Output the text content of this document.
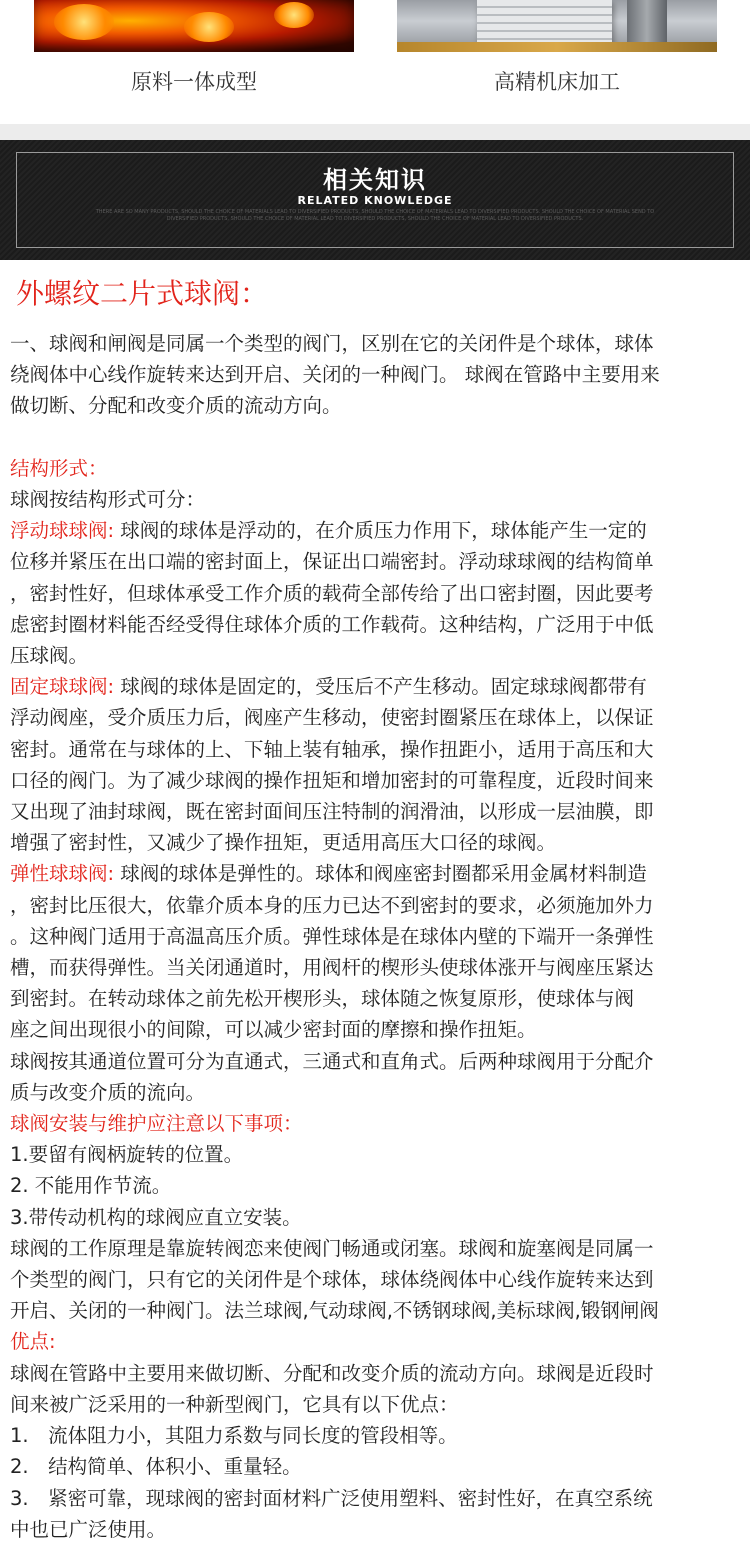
原料一体成型	高精机床加工
相关知识
RELATED KNOWLEDGE
THERE ARE SO MANY PRODUCTS, SHOULD THE CHOICE OF MATERIALS LEAD TO DIVERSIFIED PRODUCTS, SHOULD THE CHOICE OF MATERIALS LEAD TO DIVERSIFIED PRODUCTS. SHOULD THE CHOICE OF MATERIAL SEND TO DIVERSIFIED PRODUCTS, SHOULD THE CHOICE OF MATERIAL LEAD TO DIVERSIFIED PRODUCTS, SHOULD THE CHOICE OF MATERIAL LEAD TO DIVERSIFIED PRODUCTS.
外螺纹二片式球阀：

一、球阀和闸阀是同属一个类型的阀门，区别在它的关闭件是个球体，球体

绕阀体中心线作旋转来达到开启、关闭的一种阀门。 球阀在管路中主要用来

做切断、分配和改变介质的流动方向。

结构形式：

球阀按结构形式可分：

浮动球球阀: 球阀的球体是浮动的，在介质压力作用下，球体能产生一定的

位移并紧压在出口端的密封面上，保证出口端密封。浮动球球阀的结构简单

，密封性好，但球体承受工作介质的载荷全部传给了出口密封圈，因此要考

虑密封圈材料能否经受得住球体介质的工作载荷。这种结构，广泛用于中低

压球阀。

固定球球阀: 球阀的球体是固定的，受压后不产生移动。固定球球阀都带有

浮动阀座，受介质压力后，阀座产生移动，使密封圈紧压在球体上，以保证

密封。通常在与球体的上、下轴上装有轴承，操作扭距小，适用于高压和大

口径的阀门。为了减少球阀的操作扭矩和增加密封的可靠程度，近段时间来

又出现了油封球阀，既在密封面间压注特制的润滑油，以形成一层油膜，即

增强了密封性，又减少了操作扭矩，更适用高压大口径的球阀。

弹性球球阀: 球阀的球体是弹性的。球体和阀座密封圈都采用金属材料制造

，密封比压很大，依靠介质本身的压力已达不到密封的要求，必须施加外力

。这种阀门适用于高温高压介质。弹性球体是在球体内壁的下端开一条弹性

槽，而获得弹性。当关闭通道时，用阀杆的楔形头使球体涨开与阀座压紧达

到密封。在转动球体之前先松开楔形头，球体随之恢复原形，使球体与阀

座之间出现很小的间隙，可以减少密封面的摩擦和操作扭矩。

球阀按其通道位置可分为直通式，三通式和直角式。后两种球阀用于分配介

质与改变介质的流向。

球阀安装与维护应注意以下事项：

1.要留有阀柄旋转的位置。

2. 不能用作节流。

3.带传动机构的球阀应直立安装。

球阀的工作原理是靠旋转阀恋来使阀门畅通或闭塞。球阀和旋塞阀是同属一

个类型的阀门，只有它的关闭件是个球体，球体绕阀体中心线作旋转来达到

开启、关闭的一种阀门。法兰球阀,气动球阀,不锈钢球阀,美标球阀,锻钢闸阀

优点:

球阀在管路中主要用来做切断、分配和改变介质的流动方向。球阀是近段时

间来被广泛采用的一种新型阀门，它具有以下优点：

1.　流体阻力小，其阻力系数与同长度的管段相等。

2.　结构简单、体积小、重量轻。

3.　紧密可靠，现球阀的密封面材料广泛使用塑料、密封性好，在真空系统

中也已广泛使用。
